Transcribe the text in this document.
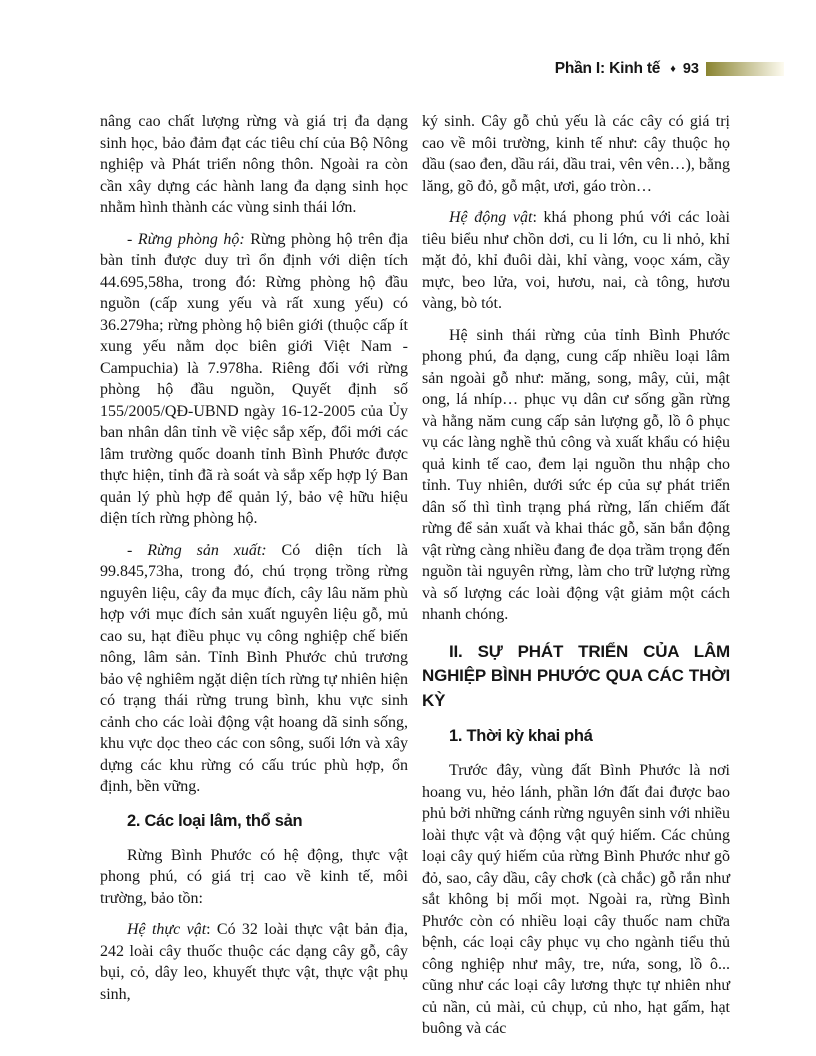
Phần I: Kinh tế ♦ 93

nâng cao chất lượng rừng và giá trị đa dạng sinh học, bảo đảm đạt các tiêu chí của Bộ Nông nghiệp và Phát triển nông thôn. Ngoài ra còn cần xây dựng các hành lang đa dạng sinh học nhằm hình thành các vùng sinh thái lớn.

- Rừng phòng hộ: Rừng phòng hộ trên địa bàn tỉnh được duy trì ổn định với diện tích 44.695,58ha, trong đó: Rừng phòng hộ đầu nguồn (cấp xung yếu và rất xung yếu) có 36.279ha; rừng phòng hộ biên giới (thuộc cấp ít xung yếu nằm dọc biên giới Việt Nam - Campuchia) là 7.978ha. Riêng đối với rừng phòng hộ đầu nguồn, Quyết định số 155/2005/QĐ-UBND ngày 16-12-2005 của Ủy ban nhân dân tỉnh về việc sắp xếp, đổi mới các lâm trường quốc doanh tỉnh Bình Phước được thực hiện, tỉnh đã rà soát và sắp xếp hợp lý Ban quản lý phù hợp để quản lý, bảo vệ hữu hiệu diện tích rừng phòng hộ.

- Rừng sản xuất: Có diện tích là 99.845,73ha, trong đó, chú trọng trồng rừng nguyên liệu, cây đa mục đích, cây lâu năm phù hợp với mục đích sản xuất nguyên liệu gỗ, mủ cao su, hạt điều phục vụ công nghiệp chế biến nông, lâm sản. Tỉnh Bình Phước chủ trương bảo vệ nghiêm ngặt diện tích rừng tự nhiên hiện có trạng thái rừng trung bình, khu vực sinh cảnh cho các loài động vật hoang dã sinh sống, khu vực dọc theo các con sông, suối lớn và xây dựng các khu rừng có cấu trúc phù hợp, ổn định, bền vững.

2. Các loại lâm, thổ sản

Rừng Bình Phước có hệ động, thực vật phong phú, có giá trị cao về kinh tế, môi trường, bảo tồn:

Hệ thực vật: Có 32 loài thực vật bản địa, 242 loài cây thuốc thuộc các dạng cây gỗ, cây bụi, cỏ, dây leo, khuyết thực vật, thực vật phụ sinh,

ký sinh. Cây gỗ chủ yếu là các cây có giá trị cao về môi trường, kinh tế như: cây thuộc họ dầu (sao đen, dầu rái, dầu trai, vên vên…), bằng lăng, gõ đỏ, gỗ mật, ươi, gáo tròn…

Hệ động vật: khá phong phú với các loài tiêu biểu như chồn dơi, cu li lớn, cu li nhỏ, khỉ mặt đỏ, khỉ đuôi dài, khỉ vàng, voọc xám, cầy mực, beo lửa, voi, hươu, nai, cà tông, hươu vàng, bò tót.

Hệ sinh thái rừng của tỉnh Bình Phước phong phú, đa dạng, cung cấp nhiều loại lâm sản ngoài gỗ như: măng, song, mây, củi, mật ong, lá nhíp… phục vụ dân cư sống gần rừng và hằng năm cung cấp sản lượng gỗ, lồ ô phục vụ các làng nghề thủ công và xuất khẩu có hiệu quả kinh tế cao, đem lại nguồn thu nhập cho tỉnh. Tuy nhiên, dưới sức ép của sự phát triển dân số thì tình trạng phá rừng, lấn chiếm đất rừng để sản xuất và khai thác gỗ, săn bắn động vật rừng càng nhiều đang đe dọa trầm trọng đến nguồn tài nguyên rừng, làm cho trữ lượng rừng và số lượng các loài động vật giảm một cách nhanh chóng.

II. SỰ PHÁT TRIỂN CỦA LÂM NGHIỆP BÌNH PHƯỚC QUA CÁC THỜI KỲ
1. Thời kỳ khai phá

Trước đây, vùng đất Bình Phước là nơi hoang vu, hẻo lánh, phần lớn đất đai được bao phủ bởi những cánh rừng nguyên sinh với nhiều loài thực vật và động vật quý hiếm. Các chủng loại cây quý hiếm của rừng Bình Phước như gõ đỏ, sao, cây dầu, cây chơk (cà chắc) gỗ rắn như sắt không bị mối mọt. Ngoài ra, rừng Bình Phước còn có nhiều loại cây thuốc nam chữa bệnh, các loại cây phục vụ cho ngành tiểu thủ công nghiệp như mây, tre, nứa, song, lồ ô... cũng như các loại cây lương thực tự nhiên như củ nần, củ mài, củ chụp, củ nho, hạt gấm, hạt buông và các
